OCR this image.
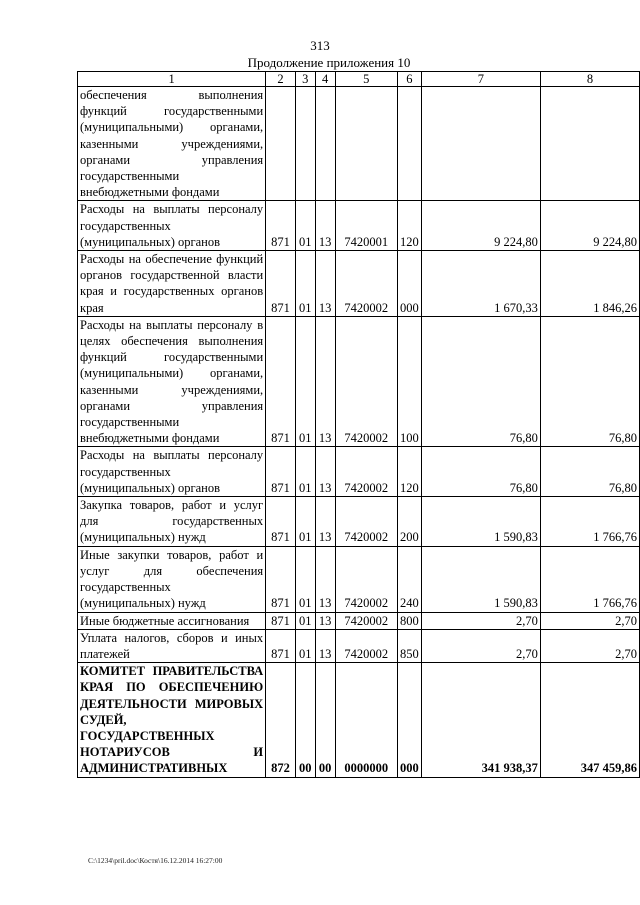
313
Продолжение приложения 10
1	2	3	4	5	6	7	8
обеспечения выполнения функций государственными (муниципальными) органами, казенными учреждениями, органами управления государственными внебюджетными фондами							
Расходы на выплаты персоналу государственных (муниципальных) органов	871	01	13	7420001	120	9 224,80	9 224,80
Расходы на обеспечение функций органов государственной власти края и государственных органов края	871	01	13	7420002	000	1 670,33	1 846,26
Расходы на выплаты персоналу в целях обеспечения выполнения функций государственными (муниципальными) органами, казенными учреждениями, органами управления государственными внебюджетными фондами	871	01	13	7420002	100	76,80	76,80
Расходы на выплаты персоналу государственных (муниципальных) органов	871	01	13	7420002	120	76,80	76,80
Закупка товаров, работ и услуг для государственных (муниципальных) нужд	871	01	13	7420002	200	1 590,83	1 766,76
Иные закупки товаров, работ и услуг для обеспечения государственных (муниципальных) нужд	871	01	13	7420002	240	1 590,83	1 766,76
Иные бюджетные ассигнования	871	01	13	7420002	800	2,70	2,70
Уплата налогов, сборов и иных платежей	871	01	13	7420002	850	2,70	2,70
КОМИТЕТ ПРАВИТЕЛЬСТВА КРАЯ ПО ОБЕСПЕЧЕНИЮ ДЕЯТЕЛЬНОСТИ МИРОВЫХ СУДЕЙ, ГОСУДАРСТВЕННЫХ НОТАРИУСОВ И АДМИНИСТРАТИВНЫХ	872	00	00	0000000	000	341 938,37	347 459,86
C:\1234\pril.doc\Костя\16.12.2014 16:27:00
